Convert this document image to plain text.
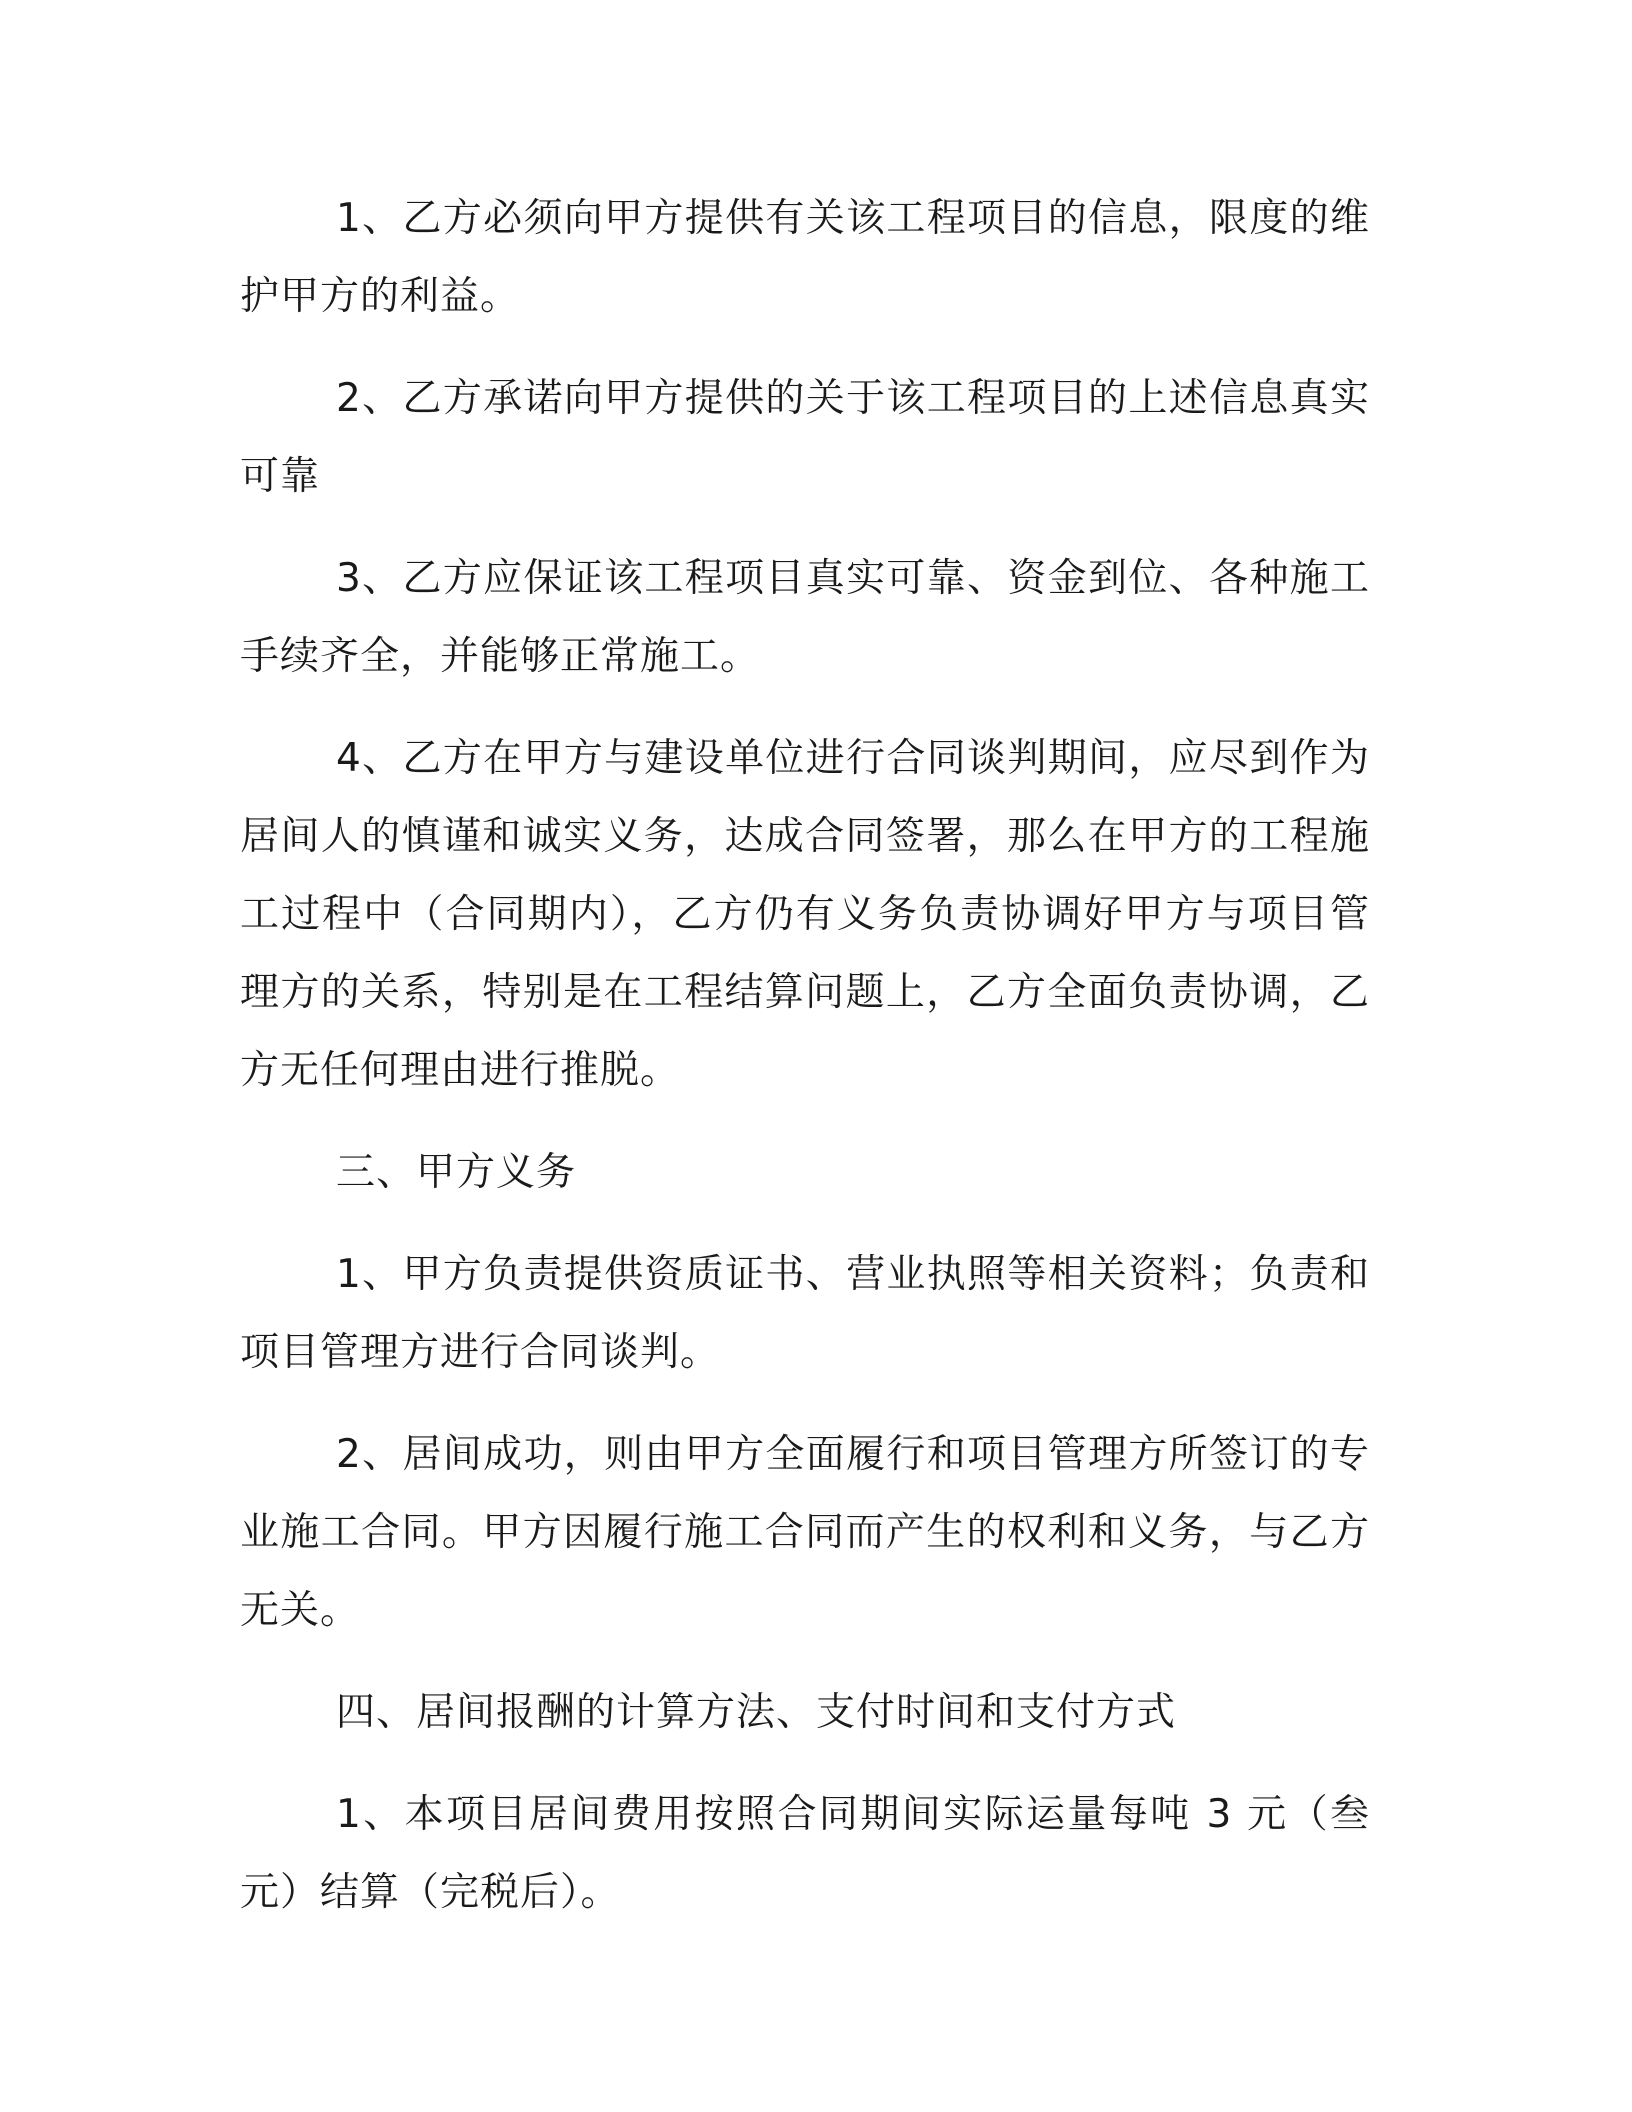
1、乙方必须向甲方提供有关该工程项目的信息，限度的维护甲方的利益。

2、乙方承诺向甲方提供的关于该工程项目的上述信息真实可靠

3、乙方应保证该工程项目真实可靠、资金到位、各种施工手续齐全，并能够正常施工。

4、乙方在甲方与建设单位进行合同谈判期间，应尽到作为居间人的慎谨和诚实义务，达成合同签署，那么在甲方的工程施工过程中（合同期内），乙方仍有义务负责协调好甲方与项目管理方的关系，特别是在工程结算问题上，乙方全面负责协调，乙方无任何理由进行推脱。

三、甲方义务

1、甲方负责提供资质证书、营业执照等相关资料；负责和项目管理方进行合同谈判。

2、居间成功，则由甲方全面履行和项目管理方所签订的专业施工合同。甲方因履行施工合同而产生的权利和义务，与乙方无关。

四、居间报酬的计算方法、支付时间和支付方式

1、本项目居间费用按照合同期间实际运量每吨 3 元（叁元）结算（完税后）。
